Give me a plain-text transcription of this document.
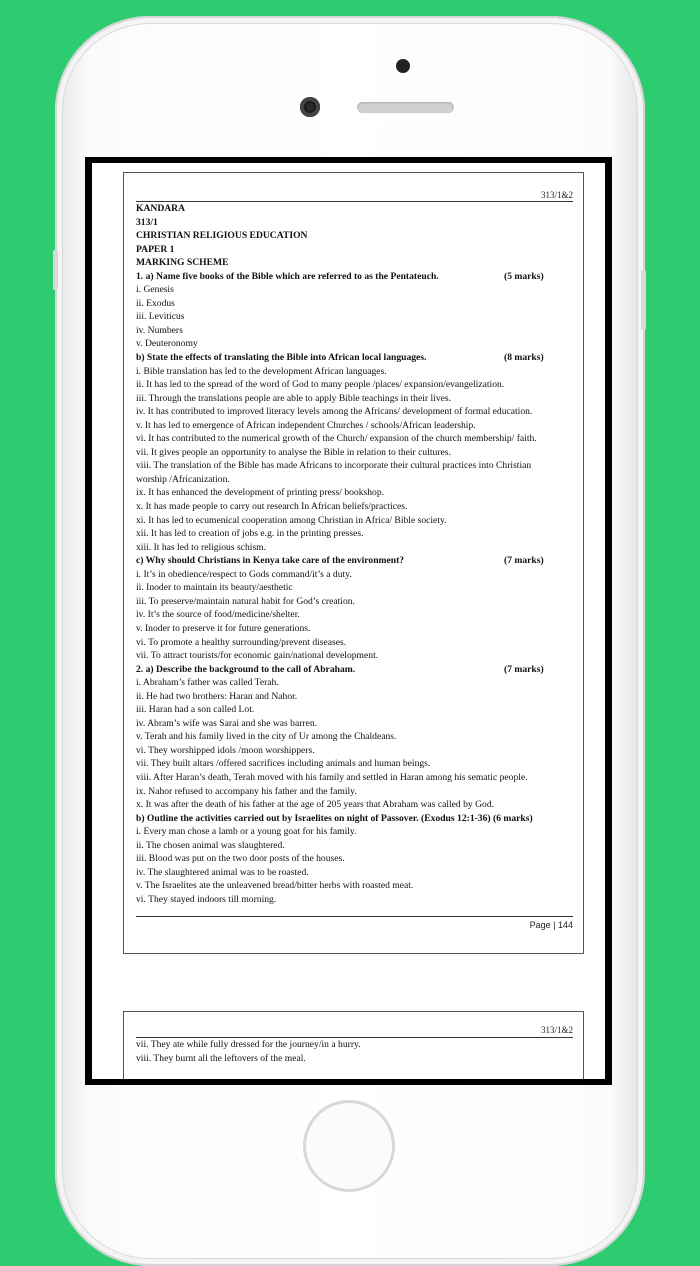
313/1&2
KANDARA
313/1
CHRISTIAN RELIGIOUS EDUCATION
PAPER 1
MARKING SCHEME
1. a) Name five books of the Bible which are referred to as the Pentateuch.	(5 marks)
i. Genesis
ii. Exodus
iii. Leviticus
iv. Numbers
v. Deuteronomy
b) State the effects of translating the Bible into African local languages.	(8 marks)
i. Bible translation has led to the development African languages.
ii. It has led to the spread of the word of God to many people /places/ expansion/evangelization.
iii. Through the translations people are able to apply Bible teachings in their lives.
iv. It has contributed to improved literacy levels among the Africans/ development of formal education.
v. It has led to emergence of African independent Churches / schools/African leadership.
vi. It has contributed to the numerical growth of the Church/ expansion of the church membership/ faith.
vii. It gives people an opportunity to analyse the Bible in relation to their cultures.
viii. The translation of the Bible has made Africans to incorporate their cultural practices into Christian
worship /Africanization.
ix. It has enhanced the development of printing press/ bookshop.
x. It has made people to carry out research In African beliefs/practices.
xi. It has led to ecumenical cooperation among Christian in Africa/ Bible society.
xii. It has led to creation of jobs e.g. in the printing presses.
xiii. It has led to religious schism.
c) Why should Christians in Kenya take care of the environment?	(7 marks)
i. It’s in obedience/respect to Gods command/it’s a duty.
ii. Inoder to maintain its beauty/aesthetic
iii. To preserve/maintain natural habit for God’s creation.
iv. It’s the source of food/medicine/shelter.
v. Inoder to preserve it for future generations.
vi. To promote a healthy surrounding/prevent diseases.
vii. To attract tourists/for economic gain/national development.
2. a) Describe the background to the call of Abraham.	(7 marks)
i. Abraham’s father was called Terah.
ii. He had two brothers: Haran and Nahor.
iii. Haran had a son called Lot.
iv. Abram’s wife was Sarai and she was barren.
v. Terah and his family lived in the city of Ur among the Chaldeans.
vi. They worshipped idols /moon worshippers.
vii. They built altars /offered sacrifices including animals and human beings.
viii. After Haran’s death, Terah moved with his family and settled in Haran among his sematic people.
ix. Nahor refused to accompany his father and the family.
x. It was after the death of his father at the age of 205 years that Abraham was called by God.
b) Outline the activities carried out by Israelites on night of Passover. (Exodus 12:1-36) (6 marks)
i. Every man chose a lamb or a young goat for his family.
ii. The chosen animal was slaughtered.
iii. Blood was put on the two door posts of the houses.
iv. The slaughtered animal was to be roasted.
v. The Israelites ate the unleavened bread/bitter herbs with roasted meat.
vi. They stayed indoors till morning.
Page | 144
313/1&2
vii. They ate while fully dressed for the journey/in a hurry.
viii. They burnt all the leftovers of the meal.
